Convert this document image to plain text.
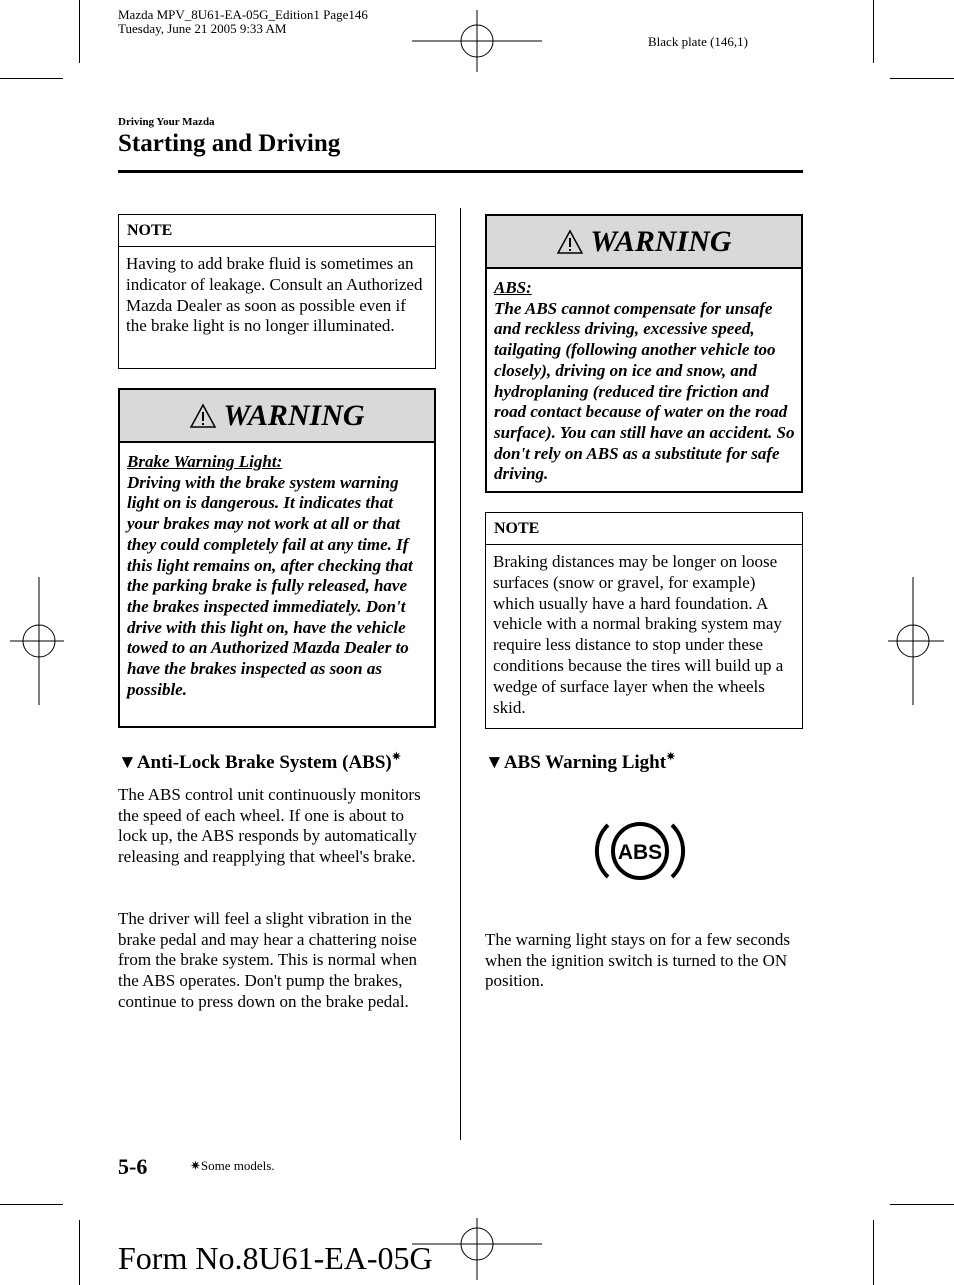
Mazda MPV_8U61-EA-05G_Edition1 Page146
Tuesday, June 21 2005 9:33 AM
Black plate (146,1)
Driving Your Mazda
Starting and Driving
NOTE
Having to add brake fluid is sometimes an indicator of leakage. Consult an Authorized Mazda Dealer as soon as possible even if the brake light is no longer illuminated.
WARNING
Brake Warning Light:
Driving with the brake system warning light on is dangerous. It indicates that your brakes may not work at all or that they could completely fail at any time. If this light remains on, after checking that the parking brake is fully released, have the brakes inspected immediately. Don't drive with this light on, have the vehicle towed to an Authorized Mazda Dealer to have the brakes inspected as soon as possible.
▼Anti-Lock Brake System (ABS)✷
The ABS control unit continuously monitors the speed of each wheel. If one is about to lock up, the ABS responds by automatically releasing and reapplying that wheel's brake.
The driver will feel a slight vibration in the brake pedal and may hear a chattering noise from the brake system. This is normal when the ABS operates. Don't pump the brakes, continue to press down on the brake pedal.
WARNING
ABS:
The ABS cannot compensate for unsafe and reckless driving, excessive speed, tailgating (following another vehicle too closely), driving on ice and snow, and hydroplaning (reduced tire friction and road contact because of water on the road surface). You can still have an accident. So don't rely on ABS as a substitute for safe driving.
NOTE
Braking distances may be longer on loose surfaces (snow or gravel, for example) which usually have a hard foundation. A vehicle with a normal braking system may require less distance to stop under these conditions because the tires will build up a wedge of surface layer when the wheels skid.
▼ABS Warning Light✷
ABS
The warning light stays on for a few seconds when the ignition switch is turned to the ON position.
5-6	✷Some models.
Form No.8U61-EA-05G
